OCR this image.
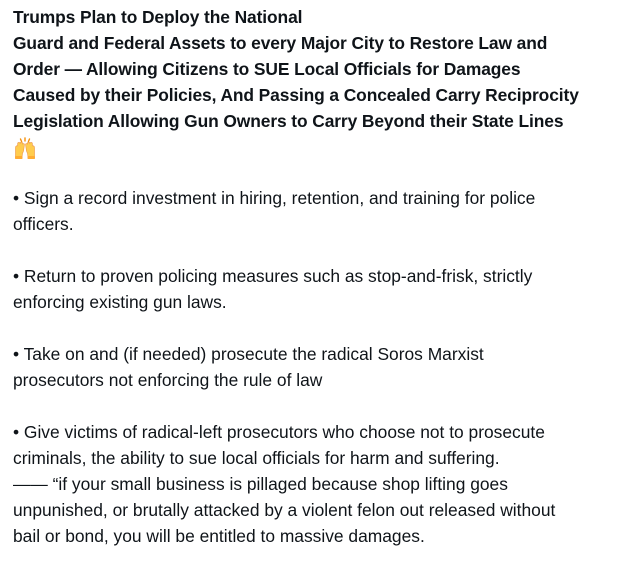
Trumps Plan to Deploy the National
Guard and Federal Assets to every Major City to Restore Law and
Order — Allowing Citizens to SUE Local Officials for Damages
Caused by their Policies, And Passing a Concealed Carry Reciprocity
Legislation Allowing Gun Owners to Carry Beyond their State Lines
• Sign a record investment in hiring, retention, and training for police
officers.
• Return to proven policing measures such as stop-and-frisk, strictly
enforcing existing gun laws.
• Take on and (if needed) prosecute the radical Soros Marxist
prosecutors not enforcing the rule of law
• Give victims of radical-left prosecutors who choose not to prosecute
criminals, the ability to sue local officials for harm and suffering.
—— “if your small business is pillaged because shop lifting goes
unpunished, or brutally attacked by a violent felon out released without
bail or bond, you will be entitled to massive damages.
